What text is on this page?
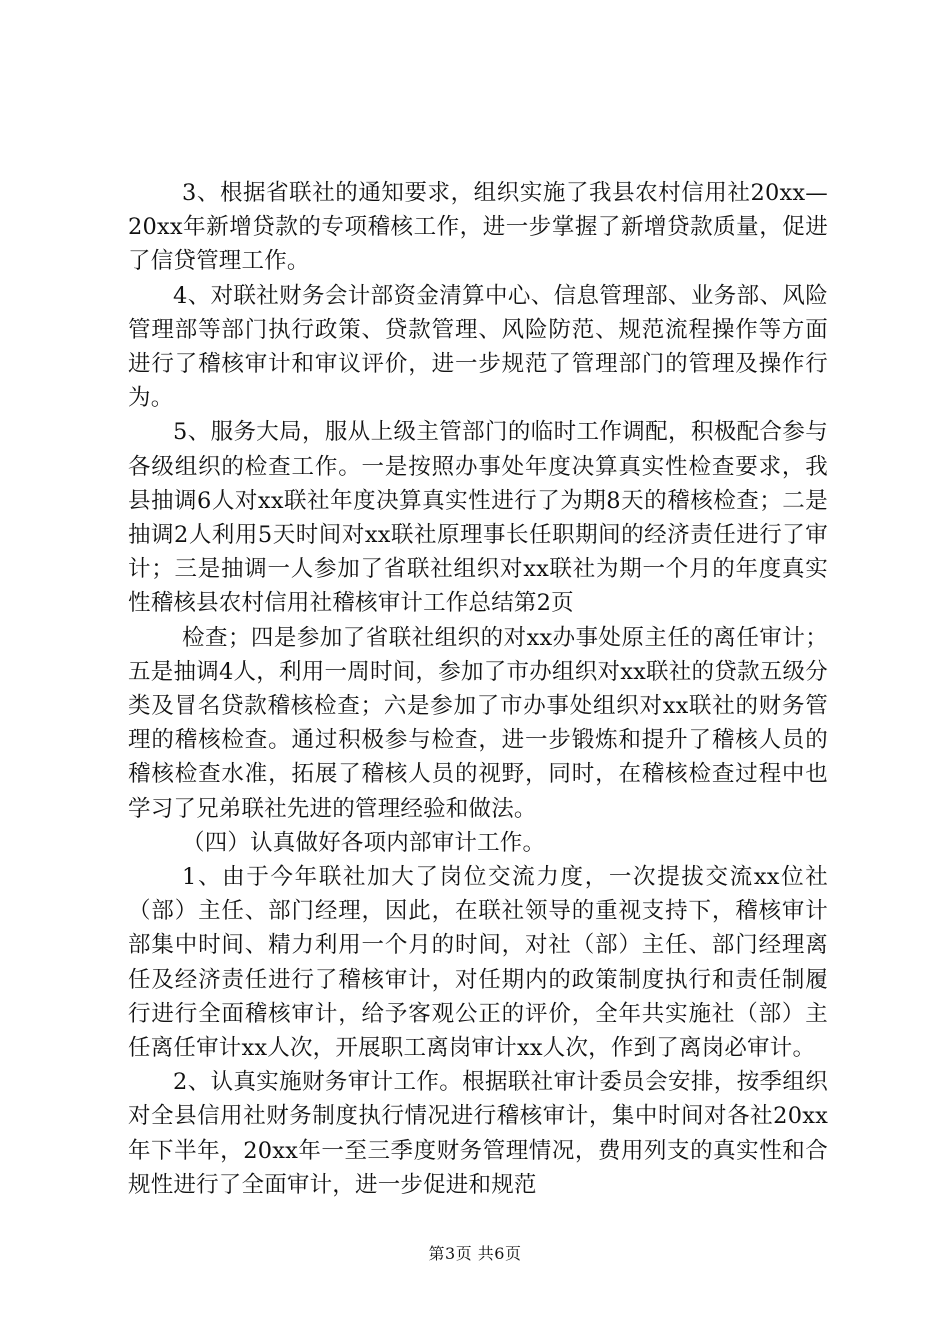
3、根据省联社的通知要求，组织实施了我县农村信用社20xx—20xx年新增贷款的专项稽核工作，进一步掌握了新增贷款质量，促进了信贷管理工作。

4、对联社财务会计部资金清算中心、信息管理部、业务部、风险管理部等部门执行政策、贷款管理、风险防范、规范流程操作等方面进行了稽核审计和审议评价，进一步规范了管理部门的管理及操作行为。

5、服务大局，服从上级主管部门的临时工作调配，积极配合参与各级组织的检查工作。一是按照办事处年度决算真实性检查要求，我县抽调6人对xx联社年度决算真实性进行了为期8天的稽核检查；二是抽调2人利用5天时间对xx联社原理事长任职期间的经济责任进行了审计；三是抽调一人参加了省联社组织对xx联社为期一个月的年度真实性稽核县农村信用社稽核审计工作总结第2页

检查；四是参加了省联社组织的对xx办事处原主任的离任审计；五是抽调4人，利用一周时间，参加了市办组织对xx联社的贷款五级分类及冒名贷款稽核检查；六是参加了市办事处组织对xx联社的财务管理的稽核检查。通过积极参与检查，进一步锻炼和提升了稽核人员的稽核检查水准，拓展了稽核人员的视野，同时，在稽核检查过程中也学习了兄弟联社先进的管理经验和做法。

（四）认真做好各项内部审计工作。

1、由于今年联社加大了岗位交流力度，一次提拔交流xx位社（部）主任、部门经理，因此，在联社领导的重视支持下，稽核审计部集中时间、精力利用一个月的时间，对社（部）主任、部门经理离任及经济责任进行了稽核审计，对任期内的政策制度执行和责任制履行进行全面稽核审计，给予客观公正的评价，全年共实施社（部）主任离任审计xx人次，开展职工离岗审计xx人次，作到了离岗必审计。

2、认真实施财务审计工作。根据联社审计委员会安排，按季组织对全县信用社财务制度执行情况进行稽核审计，集中时间对各社20xx年下半年，20xx年一至三季度财务管理情况，费用列支的真实性和合规性进行了全面审计，进一步促进和规范

第3页 共6页
